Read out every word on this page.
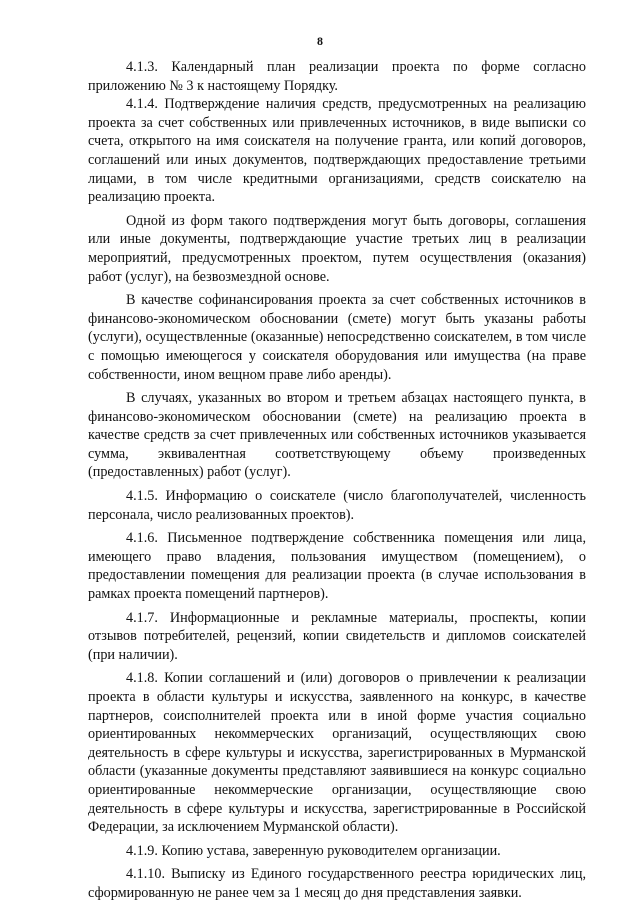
8

4.1.3. Календарный план реализации проекта по форме согласно приложению № 3 к настоящему Порядку.

4.1.4. Подтверждение наличия средств, предусмотренных на реализацию проекта за счет собственных или привлеченных источников, в виде выписки со счета, открытого на имя соискателя на получение гранта, или копий договоров, соглашений или иных документов, подтверждающих предоставление третьими лицами, в том числе кредитными организациями, средств соискателю на реализацию проекта.

Одной из форм такого подтверждения могут быть договоры, соглашения или иные документы, подтверждающие участие третьих лиц в реализации мероприятий, предусмотренных проектом, путем осуществления (оказания) работ (услуг), на безвозмездной основе.

В качестве софинансирования проекта за счет собственных источников в финансово-экономическом обосновании (смете) могут быть указаны работы (услуги), осуществленные (оказанные) непосредственно соискателем, в том числе с помощью имеющегося у соискателя оборудования или имущества (на праве собственности, ином вещном праве либо аренды).

В случаях, указанных во втором и третьем абзацах настоящего пункта, в финансово-экономическом обосновании (смете) на реализацию проекта в качестве средств за счет привлеченных или собственных источников указывается сумма, эквивалентная соответствующему объему произведенных (предоставленных) работ (услуг).

4.1.5. Информацию о соискателе (число благополучателей, численность персонала, число реализованных проектов).

4.1.6. Письменное подтверждение собственника помещения или лица, имеющего право владения, пользования имуществом (помещением), о предоставлении помещения для реализации проекта (в случае использования в рамках проекта помещений партнеров).

4.1.7. Информационные и рекламные материалы, проспекты, копии отзывов потребителей, рецензий, копии свидетельств и дипломов соискателей (при наличии).

4.1.8. Копии соглашений и (или) договоров о привлечении к реализации проекта в области культуры и искусства, заявленного на конкурс, в качестве партнеров, соисполнителей проекта или в иной форме участия социально ориентированных некоммерческих организаций, осуществляющих свою деятельность в сфере культуры и искусства, зарегистрированных в Мурманской области (указанные документы представляют заявившиеся на конкурс социально ориентированные некоммерческие организации, осуществляющие свою деятельность в сфере культуры и искусства, зарегистрированные в Российской Федерации, за исключением Мурманской области).

4.1.9. Копию устава, заверенную руководителем организации.

4.1.10. Выписку из Единого государственного реестра юридических лиц, сформированную не ранее чем за 1 месяц до дня представления заявки.
